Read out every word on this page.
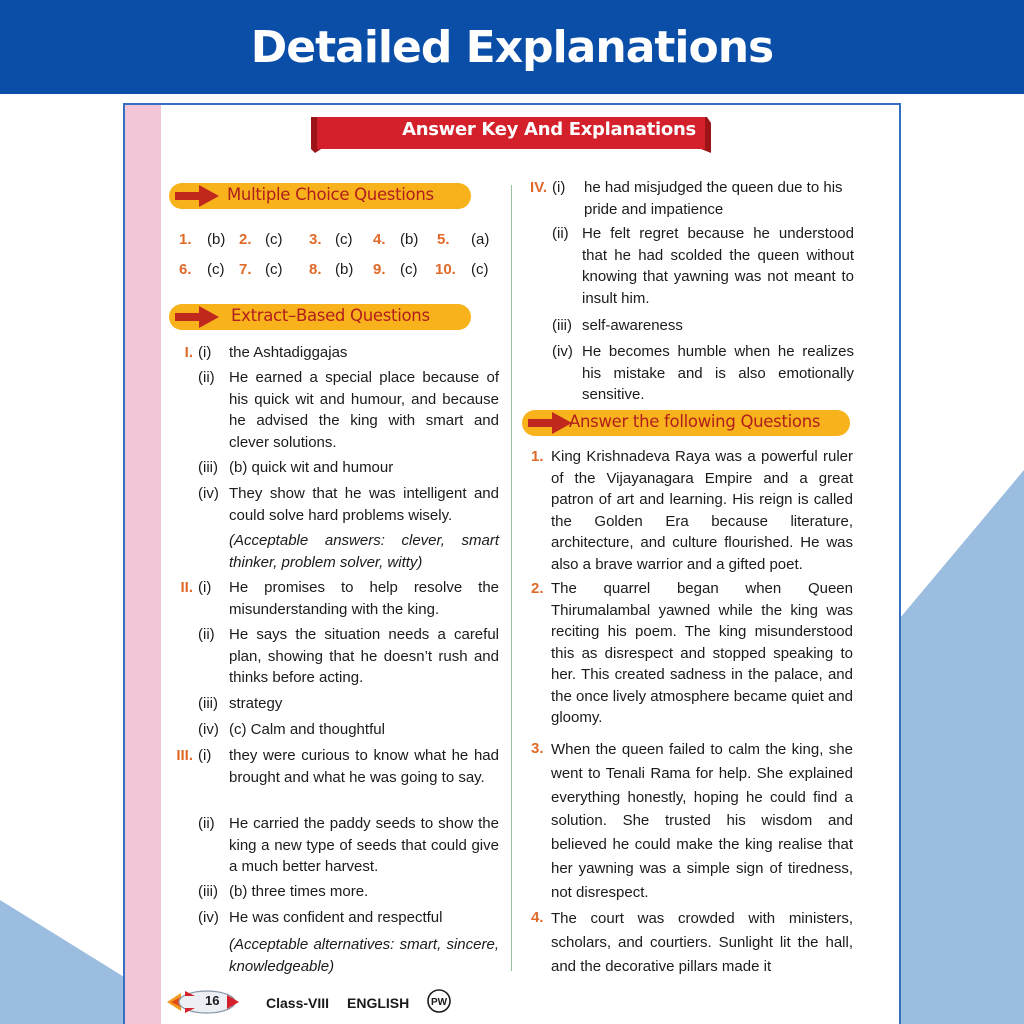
Detailed Explanations
Answer Key And Explanations
Multiple Choice Questions
1. (b) 2. (c) 3. (c) 4. (b) 5. (a)
6. (c) 7. (c) 8. (b) 9. (c) 10. (c)
Extract–Based Questions
I. (i) the Ashtadiggajas
(ii) He earned a special place because of his quick wit and humour, and because he advised the king with smart and clever solutions.
(iii) (b) quick wit and humour
(iv) They show that he was intelligent and could solve hard problems wisely.
(Acceptable answers: clever, smart thinker, problem solver, witty)
II. (i) He promises to help resolve the misunderstanding with the king.
(ii) He says the situation needs a careful plan, showing that he doesn’t rush and thinks before acting.
(iii) strategy
(iv) (c) Calm and thoughtful
III. (i) they were curious to know what he had brought and what he was going to say.
(ii) He carried the paddy seeds to show the king a new type of seeds that could give a much better harvest.
(iii) (b) three times more.
(iv) He was confident and respectful
(Acceptable alternatives: smart, sincere, knowledgeable)
IV. (i) he had misjudged the queen due to his pride and impatience
(ii) He felt regret because he understood that he had scolded the queen without knowing that yawning was not meant to insult him.
(iii) self-awareness
(iv) He becomes humble when he realizes his mistake and is also emotionally sensitive.
Answer the following Questions
1. King Krishnadeva Raya was a powerful ruler of the Vijayanagara Empire and a great patron of art and learning. His reign is called the Golden Era because literature, architecture, and culture flourished. He was also a brave warrior and a gifted poet.
2. The quarrel began when Queen Thirumalambal yawned while the king was reciting his poem. The king misunderstood this as disrespect and stopped speaking to her. This created sadness in the palace, and the once lively atmosphere became quiet and gloomy.
3. When the queen failed to calm the king, she went to Tenali Rama for help. She explained everything honestly, hoping he could find a solution. She trusted his wisdom and believed he could make the king realise that her yawning was a simple sign of tiredness, not disrespect.
4. The court was crowded with ministers, scholars, and courtiers. Sunlight lit the hall, and the decorative pillars made it
16	Class-VIII ENGLISH PW
